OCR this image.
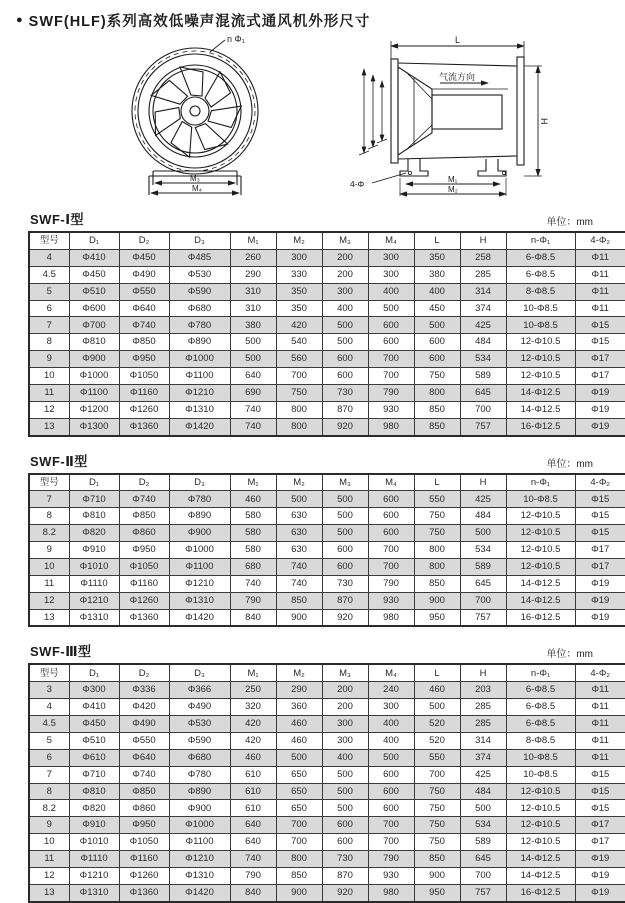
● SWF(HLF)系列高效低噪声混流式通风机外形尺寸
n Φ₁
M₃
M₄
L
气流方向
H
4-Φ	M₁
M₂
SWF-Ⅰ型	单位：mm
型号	D₁	D₂	D₃	M₁	M₂	M₃	M₄	L	H	n-Φ₁	4-Φ₂
4	Φ410	Φ450	Φ485	260	300	200	300	350	258	6-Φ8.5	Φ11
4.5	Φ450	Φ490	Φ530	290	330	200	300	380	285	6-Φ8.5	Φ11
5	Φ510	Φ550	Φ590	310	350	300	400	400	314	8-Φ8.5	Φ11
6	Φ600	Φ640	Φ680	310	350	400	500	450	374	10-Φ8.5	Φ11
7	Φ700	Φ740	Φ780	380	420	500	600	500	425	10-Φ8.5	Φ15
8	Φ810	Φ850	Φ890	500	540	500	600	600	484	12-Φ10.5	Φ15
9	Φ900	Φ950	Φ1000	500	560	600	700	600	534	12-Φ10.5	Φ17
10	Φ1000	Φ1050	Φ1100	640	700	600	700	750	589	12-Φ10.5	Φ17
11	Φ1100	Φ1160	Φ1210	690	750	730	790	800	645	14-Φ12.5	Φ19
12	Φ1200	Φ1260	Φ1310	740	800	870	930	850	700	14-Φ12.5	Φ19
13	Φ1300	Φ1360	Φ1420	740	800	920	980	850	757	16-Φ12.5	Φ19
SWF-Ⅱ型	单位：mm
型号	D₁	D₂	D₃	M₁	M₂	M₃	M₄	L	H	n-Φ₁	4-Φ₂
7	Φ710	Φ740	Φ780	460	500	500	600	550	425	10-Φ8.5	Φ15
8	Φ810	Φ850	Φ890	580	630	500	600	750	484	12-Φ10.5	Φ15
8.2	Φ820	Φ860	Φ900	580	630	500	600	750	500	12-Φ10.5	Φ15
9	Φ910	Φ950	Φ1000	580	630	600	700	800	534	12-Φ10.5	Φ17
10	Φ1010	Φ1050	Φ1100	680	740	600	700	800	589	12-Φ10.5	Φ17
11	Φ1110	Φ1160	Φ1210	740	740	730	790	850	645	14-Φ12.5	Φ19
12	Φ1210	Φ1260	Φ1310	790	850	870	930	900	700	14-Φ12.5	Φ19
13	Φ1310	Φ1360	Φ1420	840	900	920	980	950	757	16-Φ12.5	Φ19
SWF-Ⅲ型	单位：mm
型号	D₁	D₂	D₃	M₁	M₂	M₃	M₄	L	H	n-Φ₁	4-Φ₂
3	Φ300	Φ336	Φ366	250	290	200	240	460	203	6-Φ8.5	Φ11
4	Φ410	Φ420	Φ490	320	360	200	300	500	285	6-Φ8.5	Φ11
4.5	Φ450	Φ490	Φ530	420	460	300	400	520	285	6-Φ8.5	Φ11
5	Φ510	Φ550	Φ590	420	460	300	400	520	314	8-Φ8.5	Φ11
6	Φ610	Φ640	Φ680	460	500	400	500	550	374	10-Φ8.5	Φ11
7	Φ710	Φ740	Φ780	610	650	500	600	700	425	10-Φ8.5	Φ15
8	Φ810	Φ850	Φ890	610	650	500	600	750	484	12-Φ10.5	Φ15
8.2	Φ820	Φ860	Φ900	610	650	500	600	750	500	12-Φ10.5	Φ15
9	Φ910	Φ950	Φ1000	640	700	600	700	750	534	12-Φ10.5	Φ17
10	Φ1010	Φ1050	Φ1100	640	700	600	700	750	589	12-Φ10.5	Φ17
11	Φ1110	Φ1160	Φ1210	740	800	730	790	850	645	14-Φ12.5	Φ19
12	Φ1210	Φ1260	Φ1310	790	850	870	930	900	700	14-Φ12.5	Φ19
13	Φ1310	Φ1360	Φ1420	840	900	920	980	950	757	16-Φ12.5	Φ19
